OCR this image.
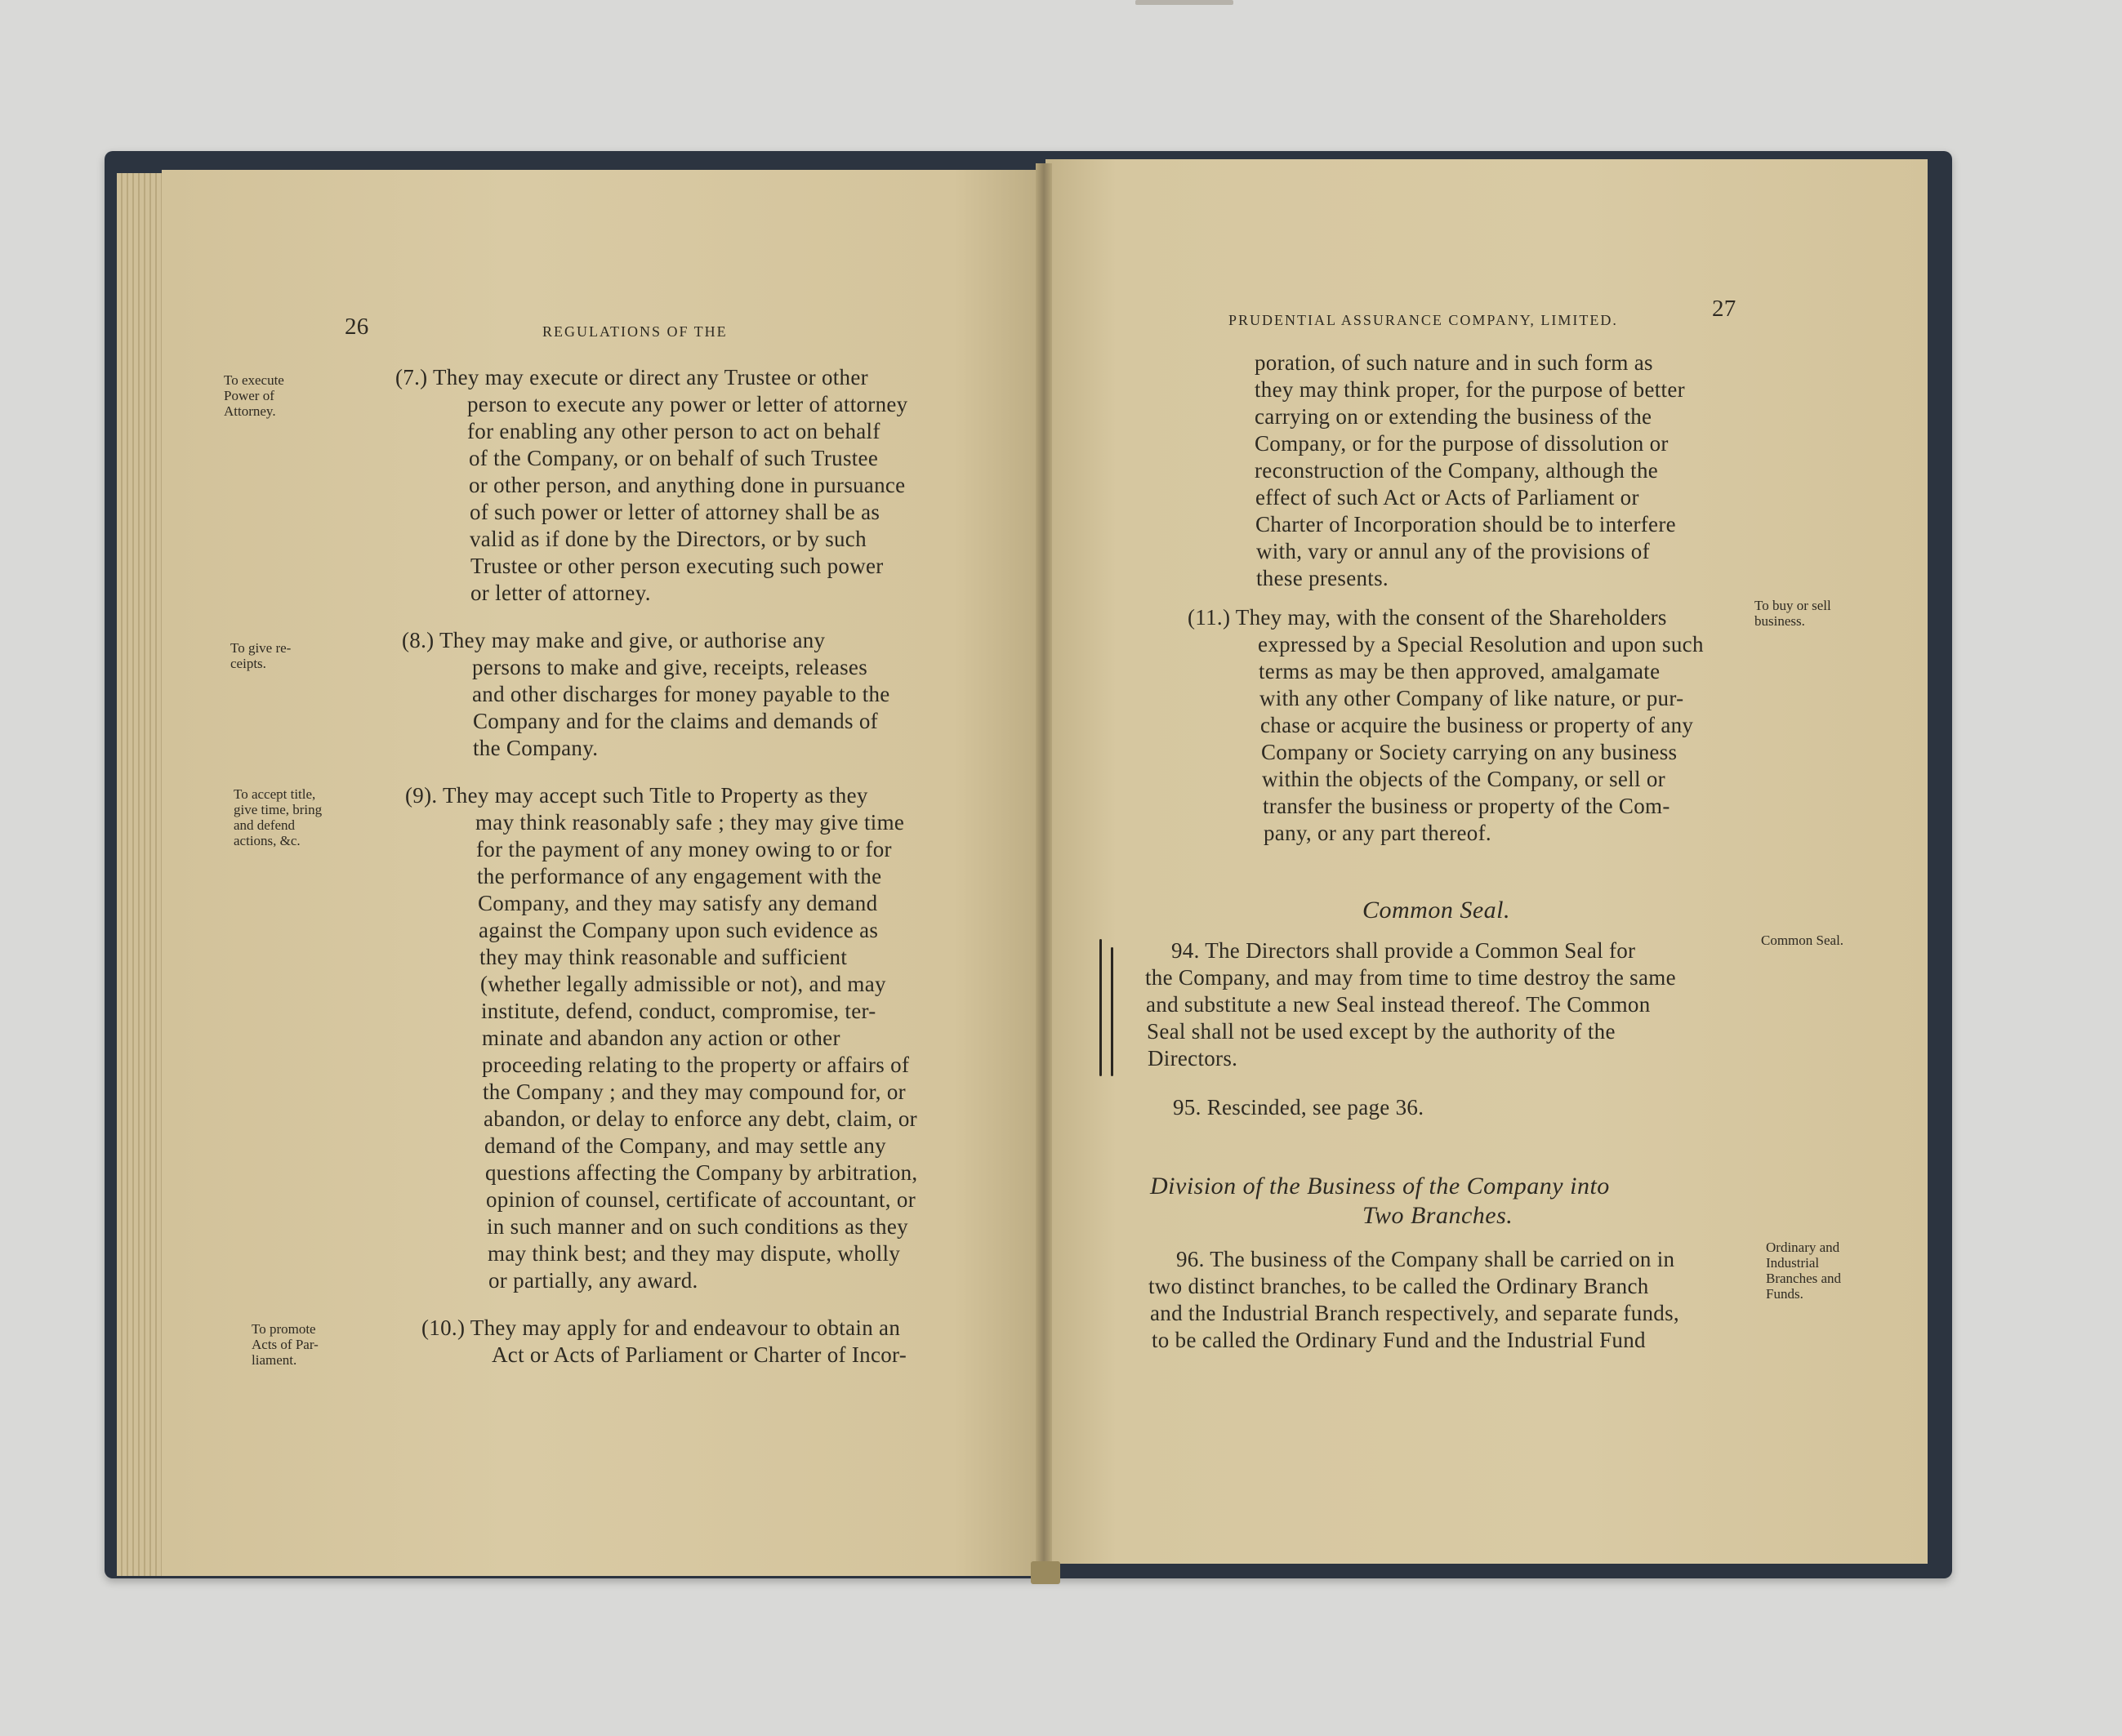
26	REGULATIONS OF THE
To execute
Power of
Attorney.
(7.) They may execute or direct any Trustee or other
person to execute any power or letter of attorney
for enabling any other person to act on behalf
of the Company, or on behalf of such Trustee
or other person, and anything done in pursuance
of such power or letter of attorney shall be as
valid as if done by the Directors, or by such
Trustee or other person executing such power
or letter of attorney.
To give re-
ceipts.
(8.) They may make and give, or authorise any
persons to make and give, receipts, releases
and other discharges for money payable to the
Company and for the claims and demands of
the Company.
To accept title,
give time, bring
and defend
actions, &c.
(9). They may accept such Title to Property as they
may think reasonably safe ; they may give time
for the payment of any money owing to or for
the performance of any engagement with the
Company, and they may satisfy any demand
against the Company upon such evidence as
they may think reasonable and sufficient
(whether legally admissible or not), and may
institute, defend, conduct, compromise, ter-
minate and abandon any action or other
proceeding relating to the property or affairs of
the Company ; and they may compound for, or
abandon, or delay to enforce any debt, claim, or
demand of the Company, and may settle any
questions affecting the Company by arbitration,
opinion of counsel, certificate of accountant, or
in such manner and on such conditions as they
may think best; and they may dispute, wholly
or partially, any award.
To promote
Acts of Par-
liament.
(10.) They may apply for and endeavour to obtain an
Act or Acts of Parliament or Charter of Incor-
PRUDENTIAL ASSURANCE COMPANY, LIMITED.	27
poration, of such nature and in such form as
they may think proper, for the purpose of better
carrying on or extending the business of the
Company, or for the purpose of dissolution or
reconstruction of the Company, although the
effect of such Act or Acts of Parliament or
Charter of Incorporation should be to interfere
with, vary or annul any of the provisions of
these presents.
To buy or sell
business.
(11.) They may, with the consent of the Shareholders
expressed by a Special Resolution and upon such
terms as may be then approved, amalgamate
with any other Company of like nature, or pur-
chase or acquire the business or property of any
Company or Society carrying on any business
within the objects of the Company, or sell or
transfer the business or property of the Com-
pany, or any part thereof.
Common Seal.
Common Seal.
94. The Directors shall provide a Common Seal for
the Company, and may from time to time destroy the same
and substitute a new Seal instead thereof. The Common
Seal shall not be used except by the authority of the
Directors.
95. Rescinded, see page 36.
Division of the Business of the Company into
Two Branches.
Ordinary and
Industrial
Branches and
Funds.
96. The business of the Company shall be carried on in
two distinct branches, to be called the Ordinary Branch
and the Industrial Branch respectively, and separate funds,
to be called the Ordinary Fund and the Industrial Fund
